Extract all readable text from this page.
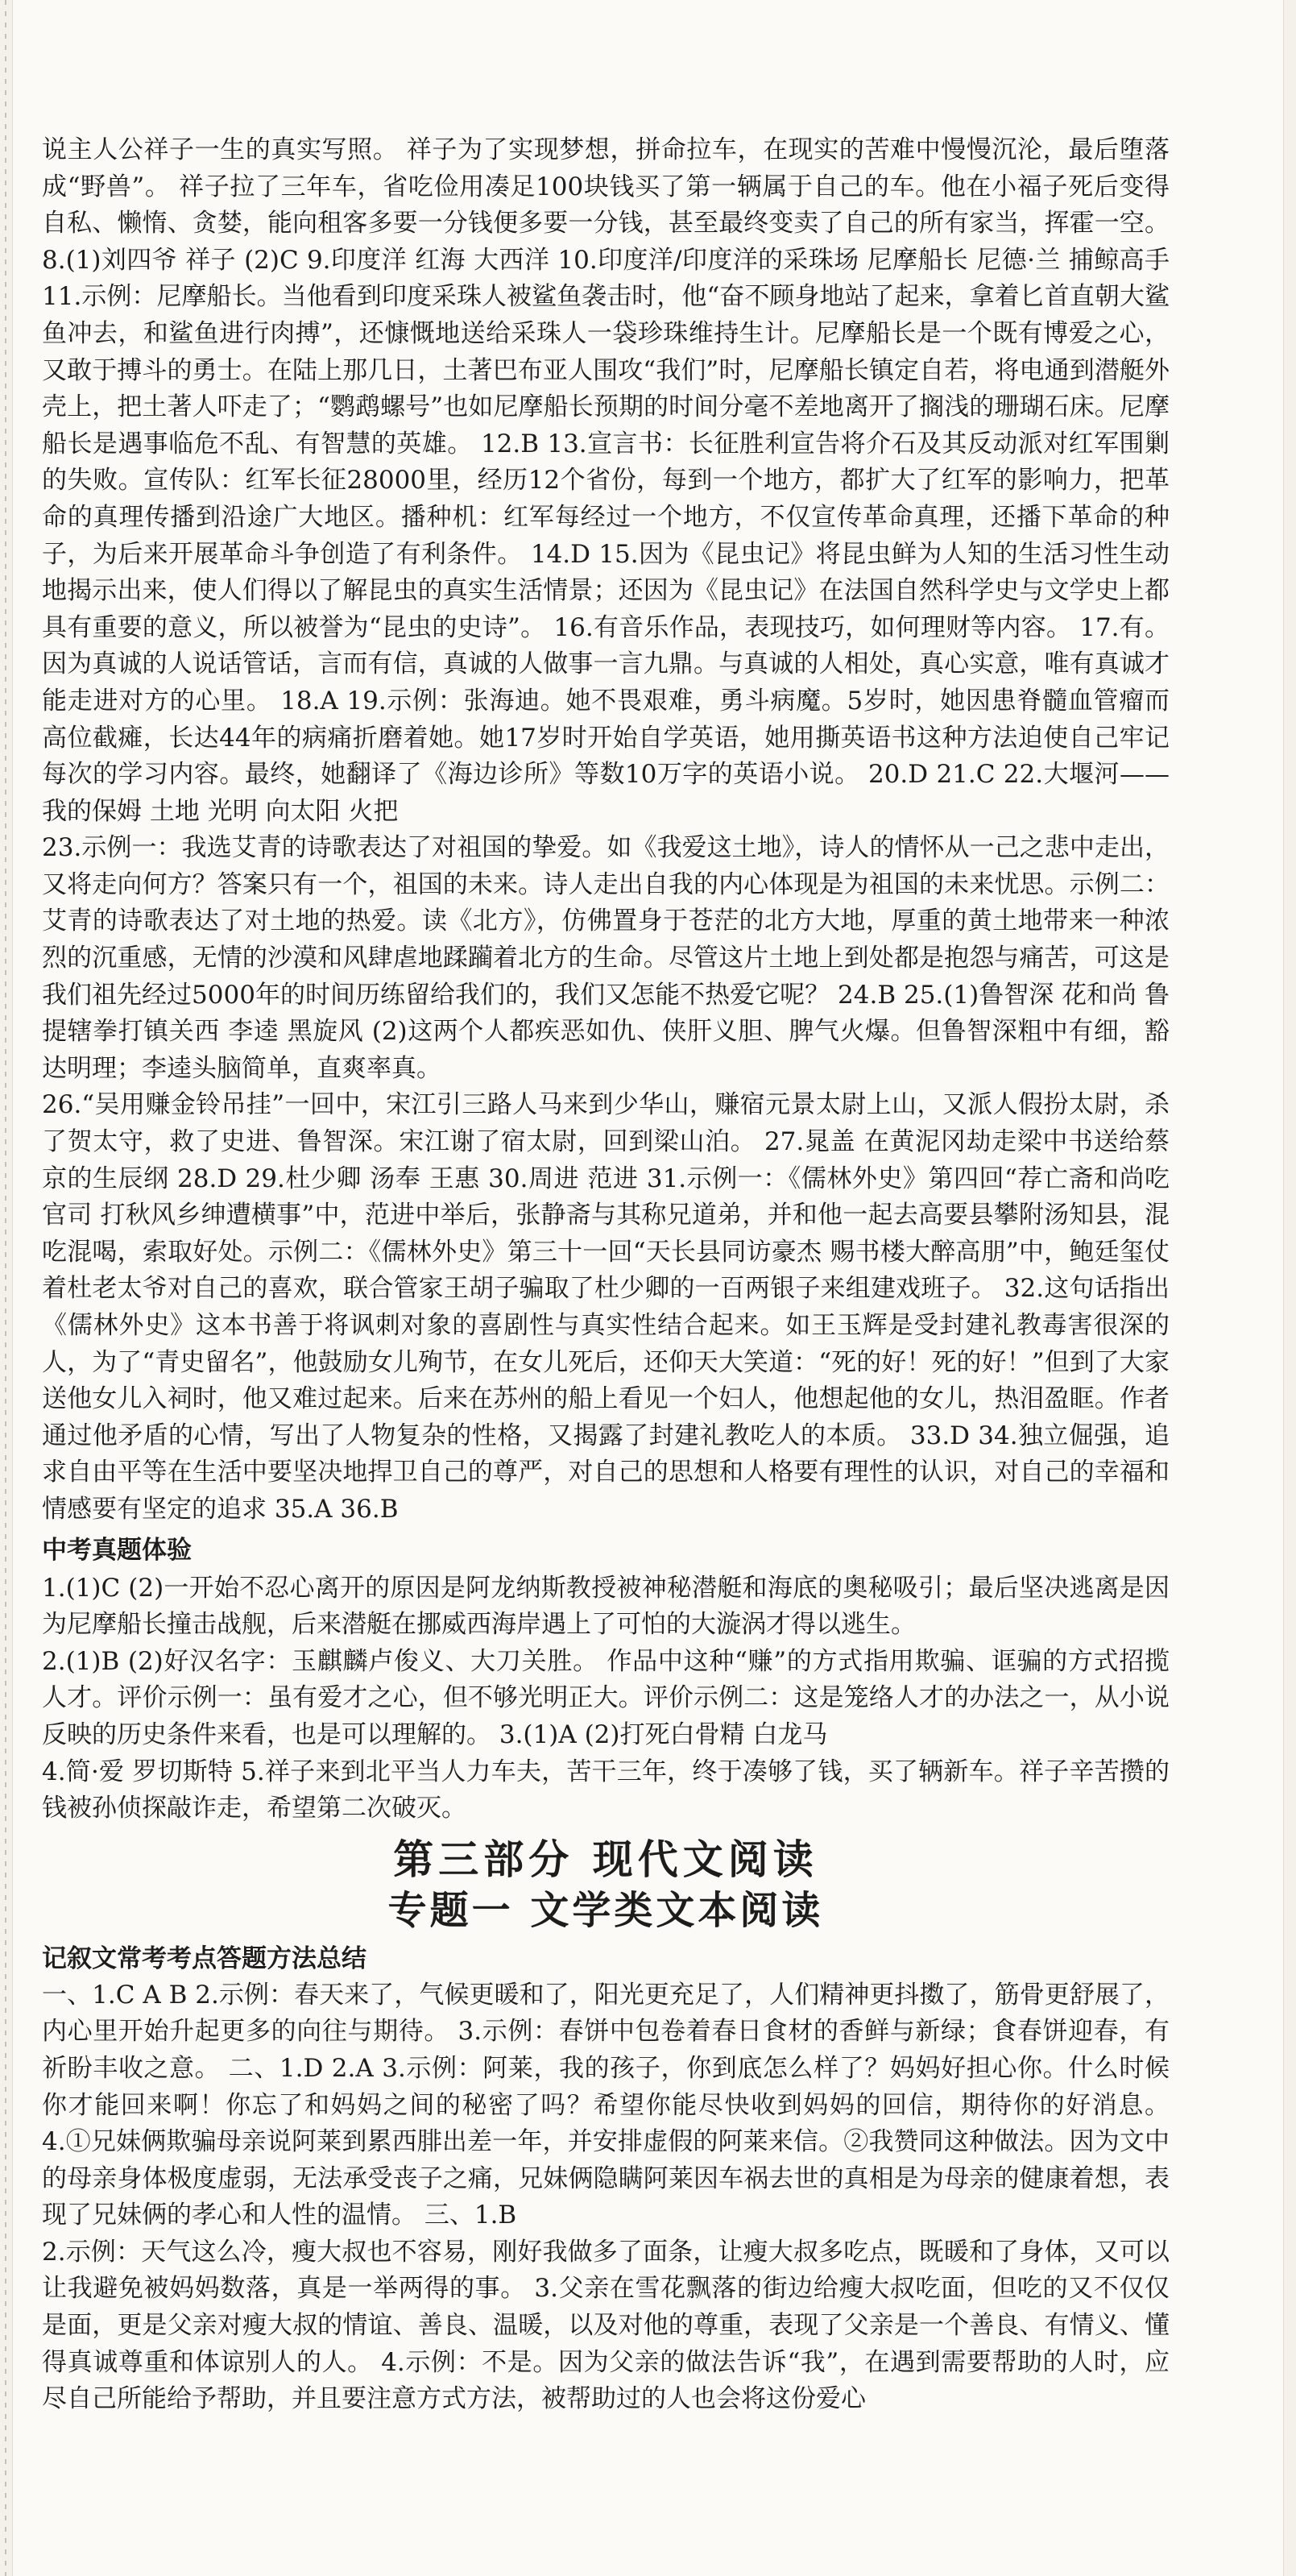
说主人公祥子一生的真实写照。 祥子为了实现梦想，拼命拉车，在现实的苦难中慢慢沉沦，最后堕落成“野兽”。 祥子拉了三年车，省吃俭用凑足100块钱买了第一辆属于自己的车。他在小福子死后变得自私、懒惰、贪婪，能向租客多要一分钱便多要一分钱，甚至最终变卖了自己的所有家当，挥霍一空。 8.(1)刘四爷 祥子 (2)C 9.印度洋 红海 大西洋 10.印度洋/印度洋的采珠场 尼摩船长 尼德·兰 捕鲸高手 11.示例：尼摩船长。当他看到印度采珠人被鲨鱼袭击时，他“奋不顾身地站了起来，拿着匕首直朝大鲨鱼冲去，和鲨鱼进行肉搏”，还慷慨地送给采珠人一袋珍珠维持生计。尼摩船长是一个既有博爱之心，又敢于搏斗的勇士。在陆上那几日，土著巴布亚人围攻“我们”时，尼摩船长镇定自若，将电通到潜艇外壳上，把土著人吓走了；“鹦鹉螺号”也如尼摩船长预期的时间分毫不差地离开了搁浅的珊瑚石床。尼摩船长是遇事临危不乱、有智慧的英雄。 12.B 13.宣言书：长征胜利宣告将介石及其反动派对红军围剿的失败。宣传队：红军长征28000里，经历12个省份，每到一个地方，都扩大了红军的影响力，把革命的真理传播到沿途广大地区。播种机：红军每经过一个地方，不仅宣传革命真理，还播下革命的种子，为后来开展革命斗争创造了有利条件。 14.D 15.因为《昆虫记》将昆虫鲜为人知的生活习性生动地揭示出来，使人们得以了解昆虫的真实生活情景；还因为《昆虫记》在法国自然科学史与文学史上都具有重要的意义，所以被誉为“昆虫的史诗”。 16.有音乐作品，表现技巧，如何理财等内容。 17.有。因为真诚的人说话管话，言而有信，真诚的人做事一言九鼎。与真诚的人相处，真心实意，唯有真诚才能走进对方的心里。 18.A 19.示例：张海迪。她不畏艰难，勇斗病魔。5岁时，她因患脊髓血管瘤而高位截瘫，长达44年的病痛折磨着她。她17岁时开始自学英语，她用撕英语书这种方法迫使自己牢记每次的学习内容。最终，她翻译了《海边诊所》等数10万字的英语小说。 20.D 21.C 22.大堰河——我的保姆 土地 光明 向太阳 火把

23.示例一：我选艾青的诗歌表达了对祖国的挚爱。如《我爱这土地》，诗人的情怀从一己之悲中走出，又将走向何方？答案只有一个，祖国的未来。诗人走出自我的内心体现是为祖国的未来忧思。示例二：艾青的诗歌表达了对土地的热爱。读《北方》，仿佛置身于苍茫的北方大地，厚重的黄土地带来一种浓烈的沉重感，无情的沙漠和风肆虐地蹂躏着北方的生命。尽管这片土地上到处都是抱怨与痛苦，可这是我们祖先经过5000年的时间历练留给我们的，我们又怎能不热爱它呢？ 24.B 25.(1)鲁智深 花和尚 鲁提辖拳打镇关西 李逵 黑旋风 (2)这两个人都疾恶如仇、侠肝义胆、脾气火爆。但鲁智深粗中有细，豁达明理；李逵头脑简单，直爽率真。

26.“吴用赚金铃吊挂”一回中，宋江引三路人马来到少华山，赚宿元景太尉上山，又派人假扮太尉，杀了贺太守，救了史进、鲁智深。宋江谢了宿太尉，回到梁山泊。 27.晁盖 在黄泥冈劫走梁中书送给蔡京的生辰纲 28.D 29.杜少卿 汤奉 王惠 30.周进 范进 31.示例一：《儒林外史》第四回“荐亡斋和尚吃官司 打秋风乡绅遭横事”中，范进中举后，张静斋与其称兄道弟，并和他一起去高要县攀附汤知县，混吃混喝，索取好处。示例二：《儒林外史》第三十一回“天长县同访豪杰 赐书楼大醉高朋”中，鲍廷玺仗着杜老太爷对自己的喜欢，联合管家王胡子骗取了杜少卿的一百两银子来组建戏班子。 32.这句话指出《儒林外史》这本书善于将讽刺对象的喜剧性与真实性结合起来。如王玉辉是受封建礼教毒害很深的人，为了“青史留名”，他鼓励女儿殉节，在女儿死后，还仰天大笑道：“死的好！死的好！”但到了大家送他女儿入祠时，他又难过起来。后来在苏州的船上看见一个妇人，他想起他的女儿，热泪盈眶。作者通过他矛盾的心情，写出了人物复杂的性格，又揭露了封建礼教吃人的本质。 33.D 34.独立倔强，追求自由平等在生活中要坚决地捍卫自己的尊严，对自己的思想和人格要有理性的认识，对自己的幸福和情感要有坚定的追求 35.A 36.B

中考真题体验

1.(1)C (2)一开始不忍心离开的原因是阿龙纳斯教授被神秘潜艇和海底的奥秘吸引；最后坚决逃离是因为尼摩船长撞击战舰，后来潜艇在挪威西海岸遇上了可怕的大漩涡才得以逃生。

2.(1)B (2)好汉名字：玉麒麟卢俊义、大刀关胜。 作品中这种“赚”的方式指用欺骗、诓骗的方式招揽人才。评价示例一：虽有爱才之心，但不够光明正大。评价示例二：这是笼络人才的办法之一，从小说反映的历史条件来看，也是可以理解的。 3.(1)A (2)打死白骨精 白龙马

4.简·爱 罗切斯特 5.祥子来到北平当人力车夫，苦干三年，终于凑够了钱，买了辆新车。祥子辛苦攒的钱被孙侦探敲诈走，希望第二次破灭。

第三部分 现代文阅读
专题一 文学类文本阅读
记叙文常考考点答题方法总结

一、1.C A B 2.示例：春天来了，气候更暖和了，阳光更充足了，人们精神更抖擞了，筋骨更舒展了，内心里开始升起更多的向往与期待。 3.示例：春饼中包卷着春日食材的香鲜与新绿；食春饼迎春，有祈盼丰收之意。 二、1.D 2.A 3.示例：阿莱，我的孩子，你到底怎么样了？妈妈好担心你。什么时候你才能回来啊！你忘了和妈妈之间的秘密了吗？希望你能尽快收到妈妈的回信，期待你的好消息。 4.①兄妹俩欺骗母亲说阿莱到累西腓出差一年，并安排虚假的阿莱来信。②我赞同这种做法。因为文中的母亲身体极度虚弱，无法承受丧子之痛，兄妹俩隐瞒阿莱因车祸去世的真相是为母亲的健康着想，表现了兄妹俩的孝心和人性的温情。 三、1.B

2.示例：天气这么冷，瘦大叔也不容易，刚好我做多了面条，让瘦大叔多吃点，既暖和了身体，又可以让我避免被妈妈数落，真是一举两得的事。 3.父亲在雪花飘落的街边给瘦大叔吃面，但吃的又不仅仅是面，更是父亲对瘦大叔的情谊、善良、温暖，以及对他的尊重，表现了父亲是一个善良、有情义、懂得真诚尊重和体谅别人的人。 4.示例：不是。因为父亲的做法告诉“我”，在遇到需要帮助的人时，应尽自己所能给予帮助，并且要注意方式方法，被帮助过的人也会将这份爱心
